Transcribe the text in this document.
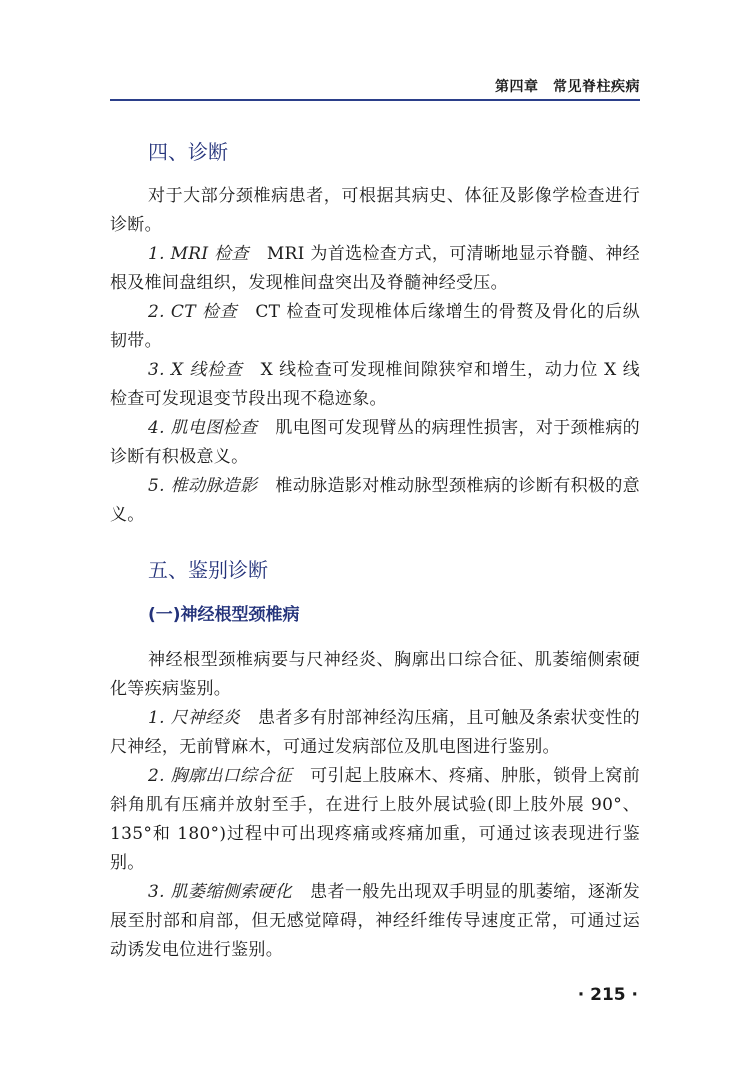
第四章　常见脊柱疾病
四、诊断

对于大部分颈椎病患者，可根据其病史、体征及影像学检查进行诊断。

1. MRI 检查 MRI 为首选检查方式，可清晰地显示脊髓、神经根及椎间盘组织，发现椎间盘突出及脊髓神经受压。

2. CT 检查 CT 检查可发现椎体后缘增生的骨赘及骨化的后纵韧带。

3. X 线检查 X 线检查可发现椎间隙狭窄和增生，动力位 X 线检查可发现退变节段出现不稳迹象。

4. 肌电图检查 肌电图可发现臂丛的病理性损害，对于颈椎病的诊断有积极意义。

5. 椎动脉造影 椎动脉造影对椎动脉型颈椎病的诊断有积极的意义。

五、鉴别诊断
(一)神经根型颈椎病

神经根型颈椎病要与尺神经炎、胸廓出口综合征、肌萎缩侧索硬化等疾病鉴别。

1. 尺神经炎 患者多有肘部神经沟压痛，且可触及条索状变性的尺神经，无前臂麻木，可通过发病部位及肌电图进行鉴别。

2. 胸廓出口综合征 可引起上肢麻木、疼痛、肿胀，锁骨上窝前斜角肌有压痛并放射至手，在进行上肢外展试验(即上肢外展 90°、135°和 180°)过程中可出现疼痛或疼痛加重，可通过该表现进行鉴别。

3. 肌萎缩侧索硬化 患者一般先出现双手明显的肌萎缩，逐渐发展至肘部和肩部，但无感觉障碍，神经纤维传导速度正常，可通过运动诱发电位进行鉴别。

· 215 ·
